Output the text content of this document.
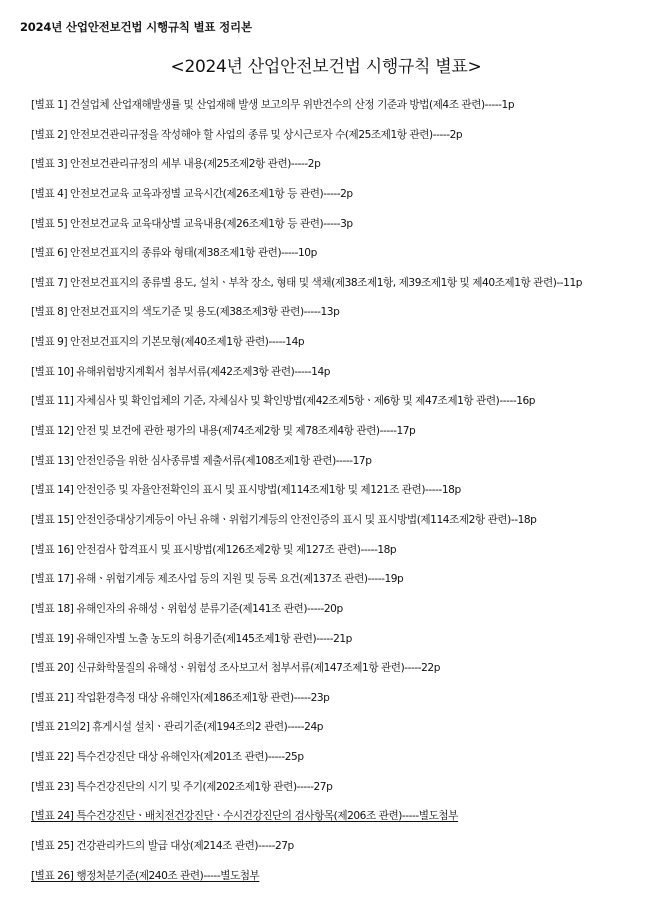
2024년 산업안전보건법 시행규칙 별표 정리본
<2024년 산업안전보건법 시행규칙 별표>
[별표 1] 건설업체 산업재해발생률 및 산업재해 발생 보고의무 위반건수의 산정 기준과 방법(제4조 관련)-----1p
[별표 2] 안전보건관리규정을 작성해야 할 사업의 종류 및 상시근로자 수(제25조제1항 관련)-----2p
[별표 3] 안전보건관리규정의 세부 내용(제25조제2항 관련)-----2p
[별표 4] 안전보건교육 교육과정별 교육시간(제26조제1항 등 관련)-----2p
[별표 5] 안전보건교육 교육대상별 교육내용(제26조제1항 등 관련)-----3p
[별표 6] 안전보건표지의 종류와 형태(제38조제1항 관련)-----10p
[별표 7] 안전보건표지의 종류별 용도, 설치ㆍ부착 장소, 형태 및 색채(제38조제1항, 제39조제1항 및 제40조제1항 관련)--11p
[별표 8] 안전보건표지의 색도기준 및 용도(제38조제3항 관련)-----13p
[별표 9] 안전보건표지의 기본모형(제40조제1항 관련)-----14p
[별표 10] 유해위험방지계획서 첨부서류(제42조제3항 관련)-----14p
[별표 11] 자체심사 및 확인업체의 기준, 자체심사 및 확인방법(제42조제5항ㆍ제6항 및 제47조제1항 관련)-----16p
[별표 12] 안전 및 보건에 관한 평가의 내용(제74조제2항 및 제78조제4항 관련)-----17p
[별표 13] 안전인증을 위한 심사종류별 제출서류(제108조제1항 관련)-----17p
[별표 14] 안전인증 및 자율안전확인의 표시 및 표시방법(제114조제1항 및 제121조 관련)-----18p
[별표 15] 안전인증대상기계등이 아닌 유해ㆍ위험기계등의 안전인증의 표시 및 표시방법(제114조제2항 관련)--18p
[별표 16] 안전검사 합격표시 및 표시방법(제126조제2항 및 제127조 관련)-----18p
[별표 17] 유해ㆍ위험기계등 제조사업 등의 지원 및 등록 요건(제137조 관련)-----19p
[별표 18] 유해인자의 유해성ㆍ위험성 분류기준(제141조 관련)-----20p
[별표 19] 유해인자별 노출 농도의 허용기준(제145조제1항 관련)-----21p
[별표 20] 신규화학물질의 유해성ㆍ위험성 조사보고서 첨부서류(제147조제1항 관련)-----22p
[별표 21] 작업환경측정 대상 유해인자(제186조제1항 관련)-----23p
[별표 21의2] 휴게시설 설치ㆍ관리기준(제194조의2 관련)-----24p
[별표 22] 특수건강진단 대상 유해인자(제201조 관련)-----25p
[별표 23] 특수건강진단의 시기 및 주기(제202조제1항 관련)-----27p
[별표 24] 특수건강진단ㆍ배치전건강진단ㆍ수시건강진단의 검사항목(제206조 관련)-----별도첨부
[별표 25] 건강관리카드의 발급 대상(제214조 관련)-----27p
[별표 26] 행정처분기준(제240조 관련)-----별도첨부
